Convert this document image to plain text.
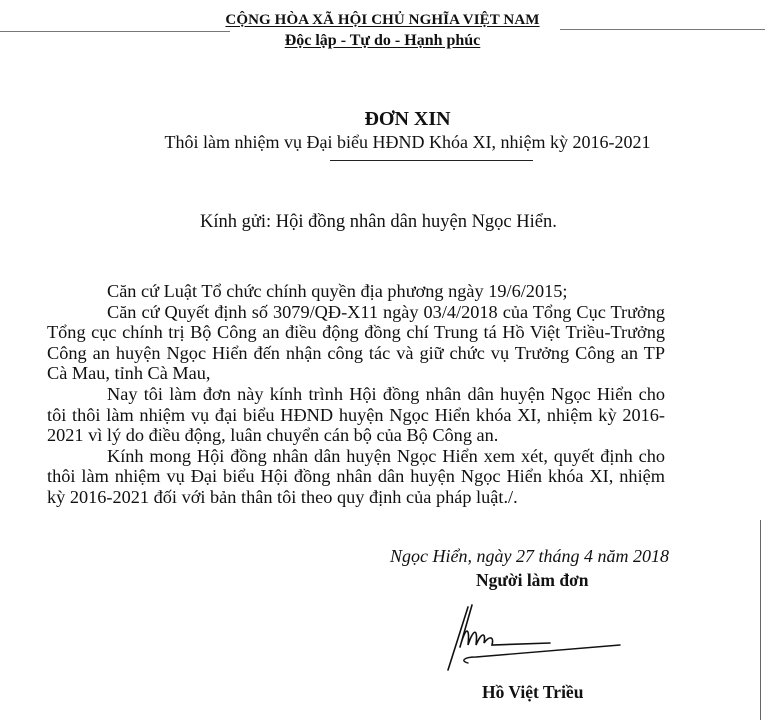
CỘNG HÒA XÃ HỘI CHỦ NGHĨA VIỆT NAM
Độc lập - Tự do - Hạnh phúc
ĐƠN XIN
Thôi làm nhiệm vụ Đại biểu HĐND Khóa XI, nhiệm kỳ 2016-2021
Kính gửi: Hội đồng nhân dân huyện Ngọc Hiển.

Căn cứ Luật Tổ chức chính quyền địa phương ngày 19/6/2015;

Căn cứ Quyết định số 3079/QĐ-X11 ngày 03/4/2018 của Tổng Cục Trưởng Tổng cục chính trị Bộ Công an điều động đồng chí Trung tá Hồ Việt Triều-Trưởng Công an huyện Ngọc Hiển đến nhận công tác và giữ chức vụ Trưởng Công an TP Cà Mau, tỉnh Cà Mau,

Nay tôi làm đơn này kính trình Hội đồng nhân dân huyện Ngọc Hiển cho tôi thôi làm nhiệm vụ đại biểu HĐND huyện Ngọc Hiển khóa XI, nhiệm kỳ 2016-2021 vì lý do điều động, luân chuyển cán bộ của Bộ Công an.

Kính mong Hội đồng nhân dân huyện Ngọc Hiển xem xét, quyết định cho thôi làm nhiệm vụ Đại biểu Hội đồng nhân dân huyện Ngọc Hiển khóa XI, nhiệm kỳ 2016-2021 đối với bản thân tôi theo quy định của pháp luật./.

Ngọc Hiển, ngày 27 tháng 4 năm 2018
Người làm đơn
Hồ Việt Triều
